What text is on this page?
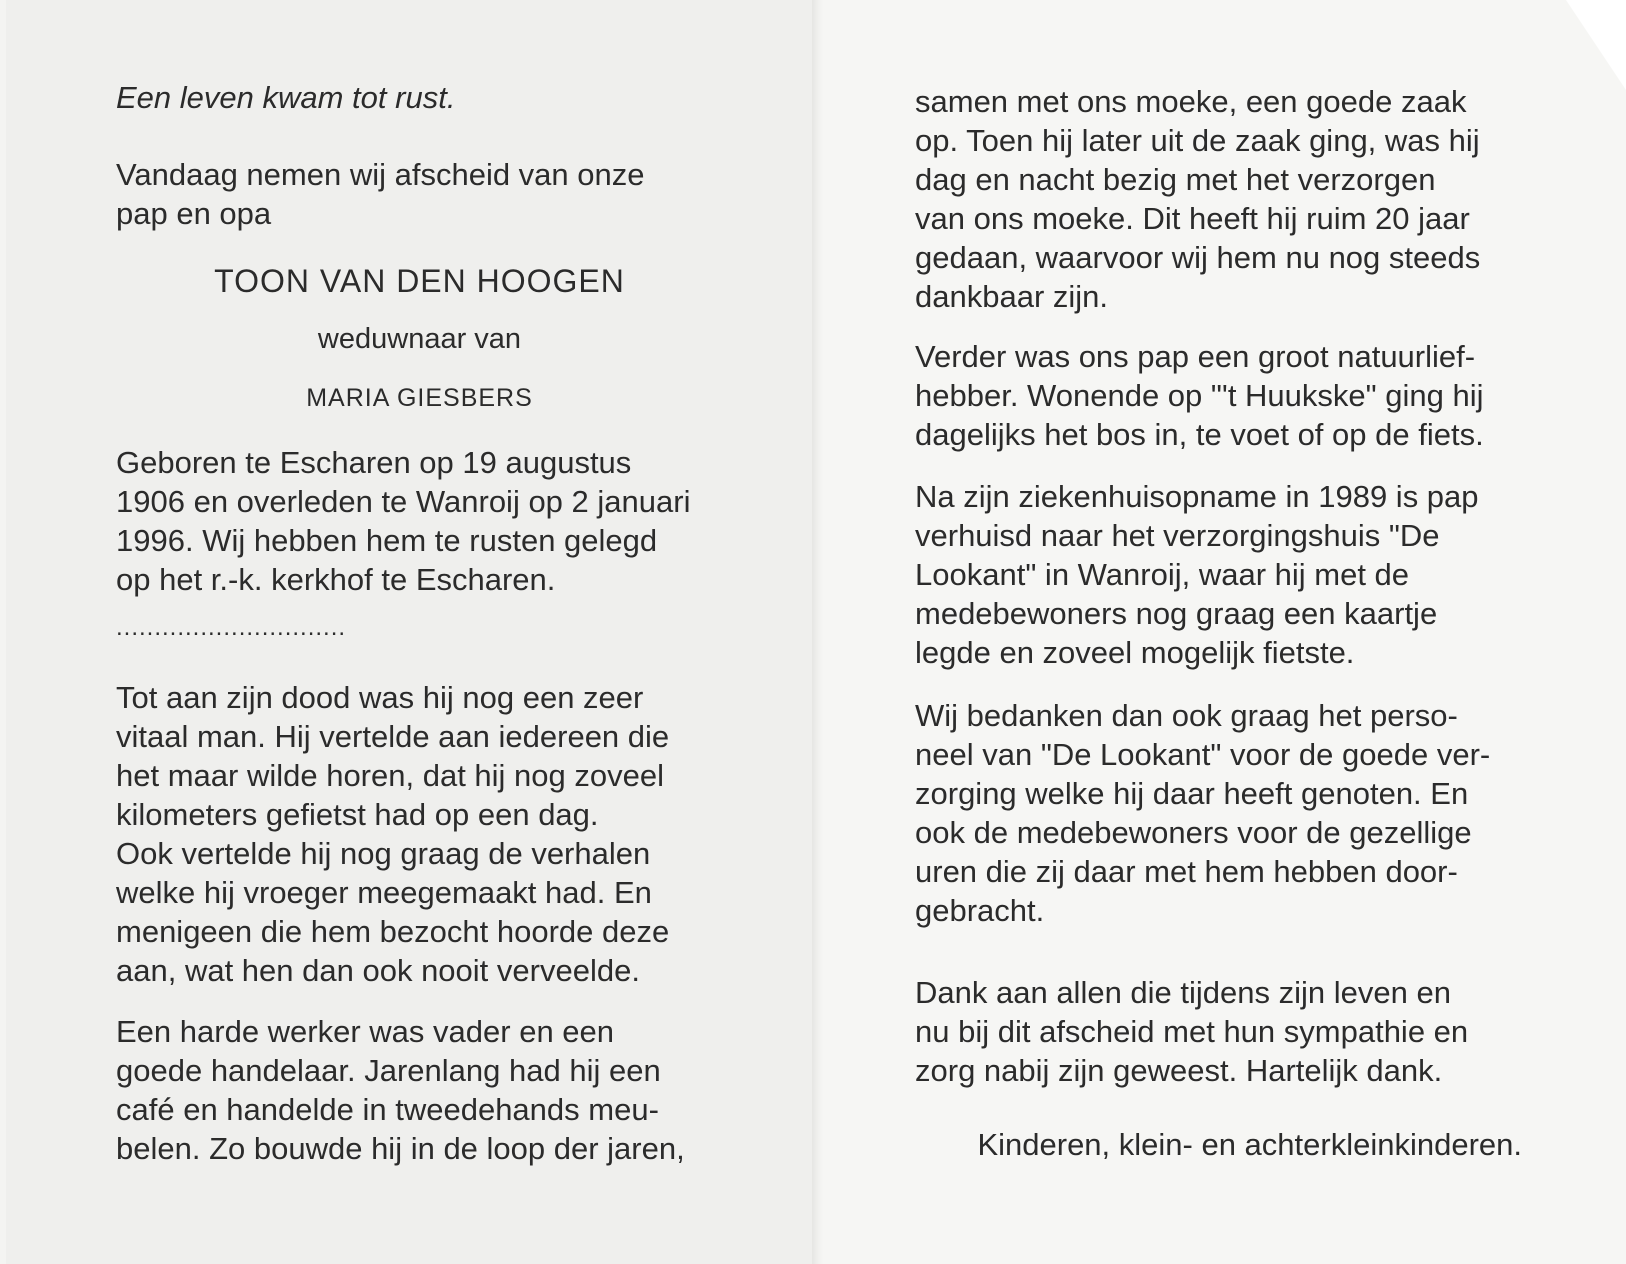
Een leven kwam tot rust.

Vandaag nemen wij afscheid van onze

pap en opa

TOON VAN DEN HOOGEN

weduwnaar van

MARIA GIESBERS

Geboren te Escharen op 19 augustus

1906 en overleden te Wanroij op 2 januari

1996. Wij hebben hem te rusten gelegd

op het r.-k. kerkhof te Escharen.

..............................

Tot aan zijn dood was hij nog een zeer

vitaal man. Hij vertelde aan iedereen die

het maar wilde horen, dat hij nog zoveel

kilometers gefietst had op een dag.

Ook vertelde hij nog graag de verhalen

welke hij vroeger meegemaakt had. En

menigeen die hem bezocht hoorde deze

aan, wat hen dan ook nooit verveelde.

Een harde werker was vader en een

goede handelaar. Jarenlang had hij een

café en handelde in tweedehands meu-

belen. Zo bouwde hij in de loop der jaren,

samen met ons moeke, een goede zaak

op. Toen hij later uit de zaak ging, was hij

dag en nacht bezig met het verzorgen

van ons moeke. Dit heeft hij ruim 20 jaar

gedaan, waarvoor wij hem nu nog steeds

dankbaar zijn.

Verder was ons pap een groot natuurlief-

hebber. Wonende op "'t Huukske" ging hij

dagelijks het bos in, te voet of op de fiets.

Na zijn ziekenhuisopname in 1989 is pap

verhuisd naar het verzorgingshuis "De

Lookant" in Wanroij, waar hij met de

medebewoners nog graag een kaartje

legde en zoveel mogelijk fietste.

Wij bedanken dan ook graag het perso-

neel van "De Lookant" voor de goede ver-

zorging welke hij daar heeft genoten. En

ook de medebewoners voor de gezellige

uren die zij daar met hem hebben door-

gebracht.

Dank aan allen die tijdens zijn leven en

nu bij dit afscheid met hun sympathie en

zorg nabij zijn geweest. Hartelijk dank.

Kinderen, klein- en achterkleinkinderen.
